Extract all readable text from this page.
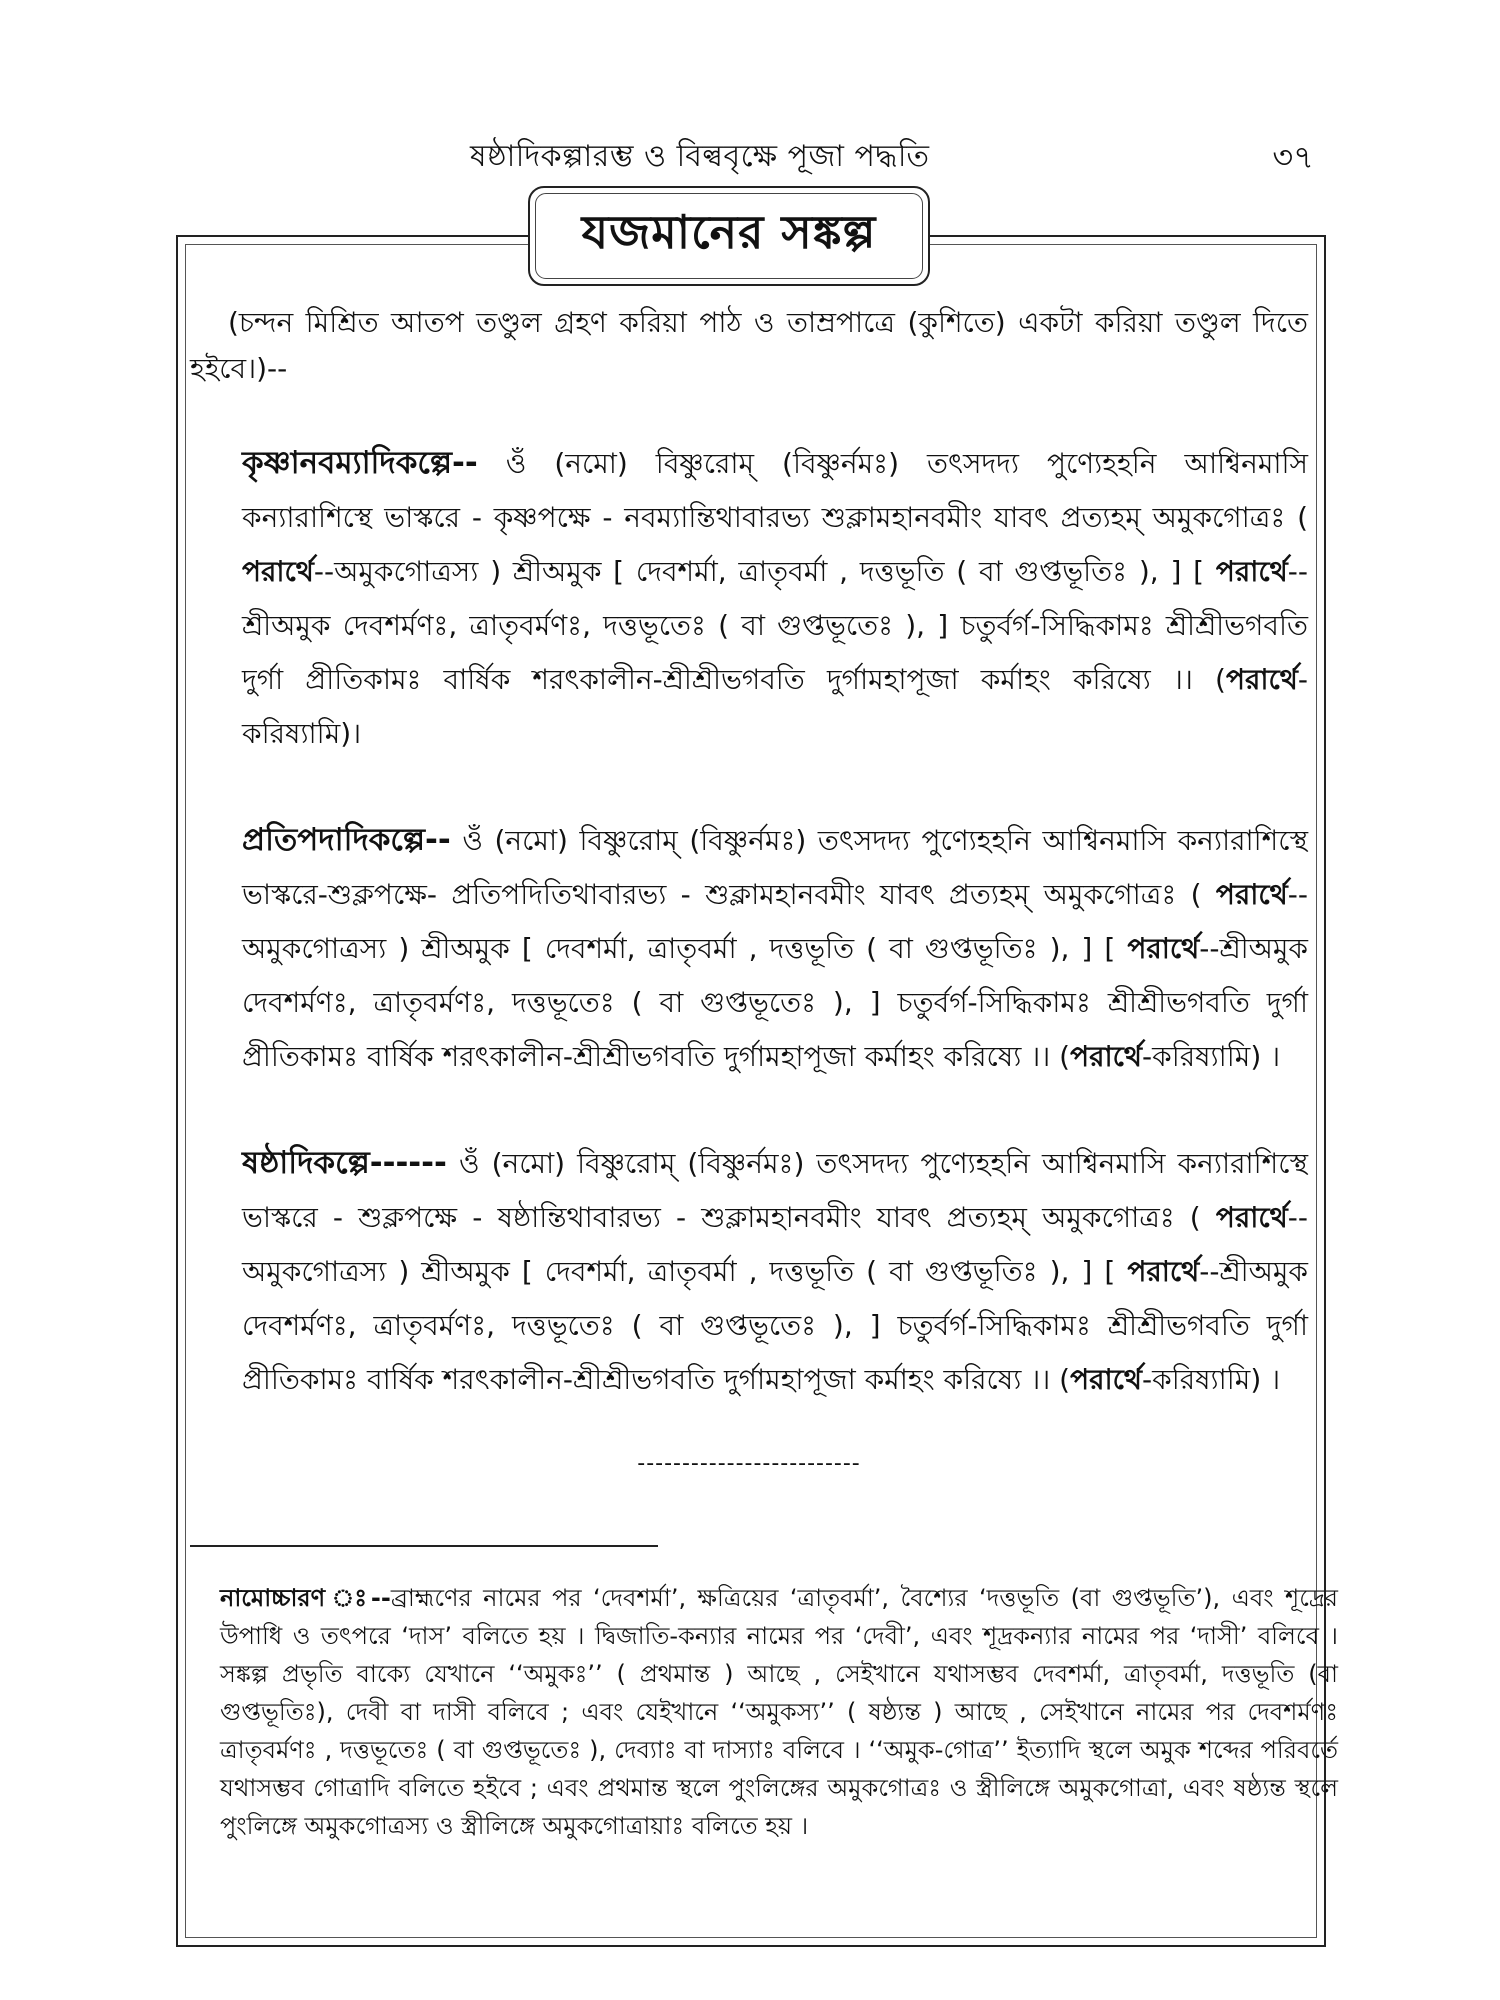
ষষ্ঠাদিকল্পারম্ভ ও বিল্ববৃক্ষে পূজা পদ্ধতি	৩৭
যজমানের সঙ্কল্প

(চন্দন মিশ্রিত আতপ তণ্ডুল গ্রহণ করিয়া পাঠ ও তাম্রপাত্রে (কুশিতে) একটা করিয়া তণ্ডুল দিতে হইবে।)--

কৃষ্ণানবম্যাদিকল্পে-- ওঁ (নমো) বিষ্ণুরোম্ (বিষ্ণুর্নমঃ) তৎসদদ্য পুণ্যেহহনি আশ্বিনমাসি কন্যারাশিস্থে ভাস্করে - কৃষ্ণপক্ষে - নবম্যান্তিথাবারভ্য শুক্লামহানবমীং যাবৎ প্রত্যহম্ অমুকগোত্রঃ ( পরার্থে--অমুকগোত্রস্য ) শ্রীঅমুক [ দেবশর্মা, ত্রাতৃবর্মা , দত্তভূতি ( বা গুপ্তভূতিঃ ), ] [ পরার্থে--শ্রীঅমুক দেবশর্মণঃ, ত্রাতৃবর্মণঃ, দত্তভূতেঃ ( বা গুপ্তভূতেঃ ), ] চতুর্বর্গ-সিদ্ধিকামঃ শ্রীশ্রীভগবতি দুর্গা প্রীতিকামঃ বার্ষিক শরৎকালীন-শ্রীশ্রীভগবতি দুর্গামহাপূজা কর্মাহং করিষ্যে ।। (পরার্থে-করিষ্যামি)।

প্রতিপদাদিকল্পে-- ওঁ (নমো) বিষ্ণুরোম্ (বিষ্ণুর্নমঃ) তৎসদদ্য পুণ্যেহহনি আশ্বিনমাসি কন্যারাশিস্থে ভাস্করে-শুক্লপক্ষে- প্রতিপদিতিথাবারভ্য - শুক্লামহানবমীং যাবৎ প্রত্যহম্ অমুকগোত্রঃ ( পরার্থে--অমুকগোত্রস্য ) শ্রীঅমুক [ দেবশর্মা, ত্রাতৃবর্মা , দত্তভূতি ( বা গুপ্তভূতিঃ ), ] [ পরার্থে--শ্রীঅমুক দেবশর্মণঃ, ত্রাতৃবর্মণঃ, দত্তভূতেঃ ( বা গুপ্তভূতেঃ ), ] চতুর্বর্গ-সিদ্ধিকামঃ শ্রীশ্রীভগবতি দুর্গা প্রীতিকামঃ বার্ষিক শরৎকালীন-শ্রীশ্রীভগবতি দুর্গামহাপূজা কর্মাহং করিষ্যে ।। (পরার্থে-করিষ্যামি) ।

ষষ্ঠাদিকল্পে------ ওঁ (নমো) বিষ্ণুরোম্ (বিষ্ণুর্নমঃ) তৎসদদ্য পুণ্যেহহনি আশ্বিনমাসি কন্যারাশিস্থে ভাস্করে - শুক্লপক্ষে - ষষ্ঠান্তিথাবারভ্য - শুক্লামহানবমীং যাবৎ প্রত্যহম্ অমুকগোত্রঃ ( পরার্থে--অমুকগোত্রস্য ) শ্রীঅমুক [ দেবশর্মা, ত্রাতৃবর্মা , দত্তভূতি ( বা গুপ্তভূতিঃ ), ] [ পরার্থে--শ্রীঅমুক দেবশর্মণঃ, ত্রাতৃবর্মণঃ, দত্তভূতেঃ ( বা গুপ্তভূতেঃ ), ] চতুর্বর্গ-সিদ্ধিকামঃ শ্রীশ্রীভগবতি দুর্গা প্রীতিকামঃ বার্ষিক শরৎকালীন-শ্রীশ্রীভগবতি দুর্গামহাপূজা কর্মাহং করিষ্যে ।। (পরার্থে-করিষ্যামি) ।

-------------------------

নামোচ্চারণ ঃ--ব্রাহ্মণের নামের পর ‘দেবশর্মা’, ক্ষত্রিয়ের ‘ত্রাতৃবর্মা’, বৈশ্যের ‘দত্তভূতি (বা গুপ্তভূতি’), এবং শূদ্রের উপাধি ও তৎপরে ‘দাস’ বলিতে হয় । দ্বিজাতি-কন্যার নামের পর ‘দেবী’, এবং শূদ্রকন্যার নামের পর ‘দাসী’ বলিবে । সঙ্কল্প প্রভৃতি বাক্যে যেখানে ‘‘অমুকঃ’’ ( প্রথমান্ত ) আছে , সেইখানে যথাসম্ভব দেবশর্মা, ত্রাতৃবর্মা, দত্তভূতি (বা গুপ্তভূতিঃ), দেবী বা দাসী বলিবে ; এবং যেইখানে ‘‘অমুকস্য’’ ( ষষ্ঠ্যন্ত ) আছে , সেইখানে নামের পর দেবশর্মণঃ ত্রাতৃবর্মণঃ , দত্তভূতেঃ ( বা গুপ্তভূতেঃ ), দেব্যাঃ বা দাস্যাঃ বলিবে । ‘‘অমুক-গোত্র’’ ইত্যাদি স্থলে অমুক শব্দের পরিবর্তে যথাসম্ভব গোত্রাদি বলিতে হইবে ; এবং প্রথমান্ত স্থলে পুংলিঙ্গের অমুকগোত্রঃ ও স্ত্রীলিঙ্গে অমুকগোত্রা, এবং ষষ্ঠ্যন্ত স্থলে পুংলিঙ্গে অমুকগোত্রস্য ও স্ত্রীলিঙ্গে অমুকগোত্রায়াঃ বলিতে হয় ।
